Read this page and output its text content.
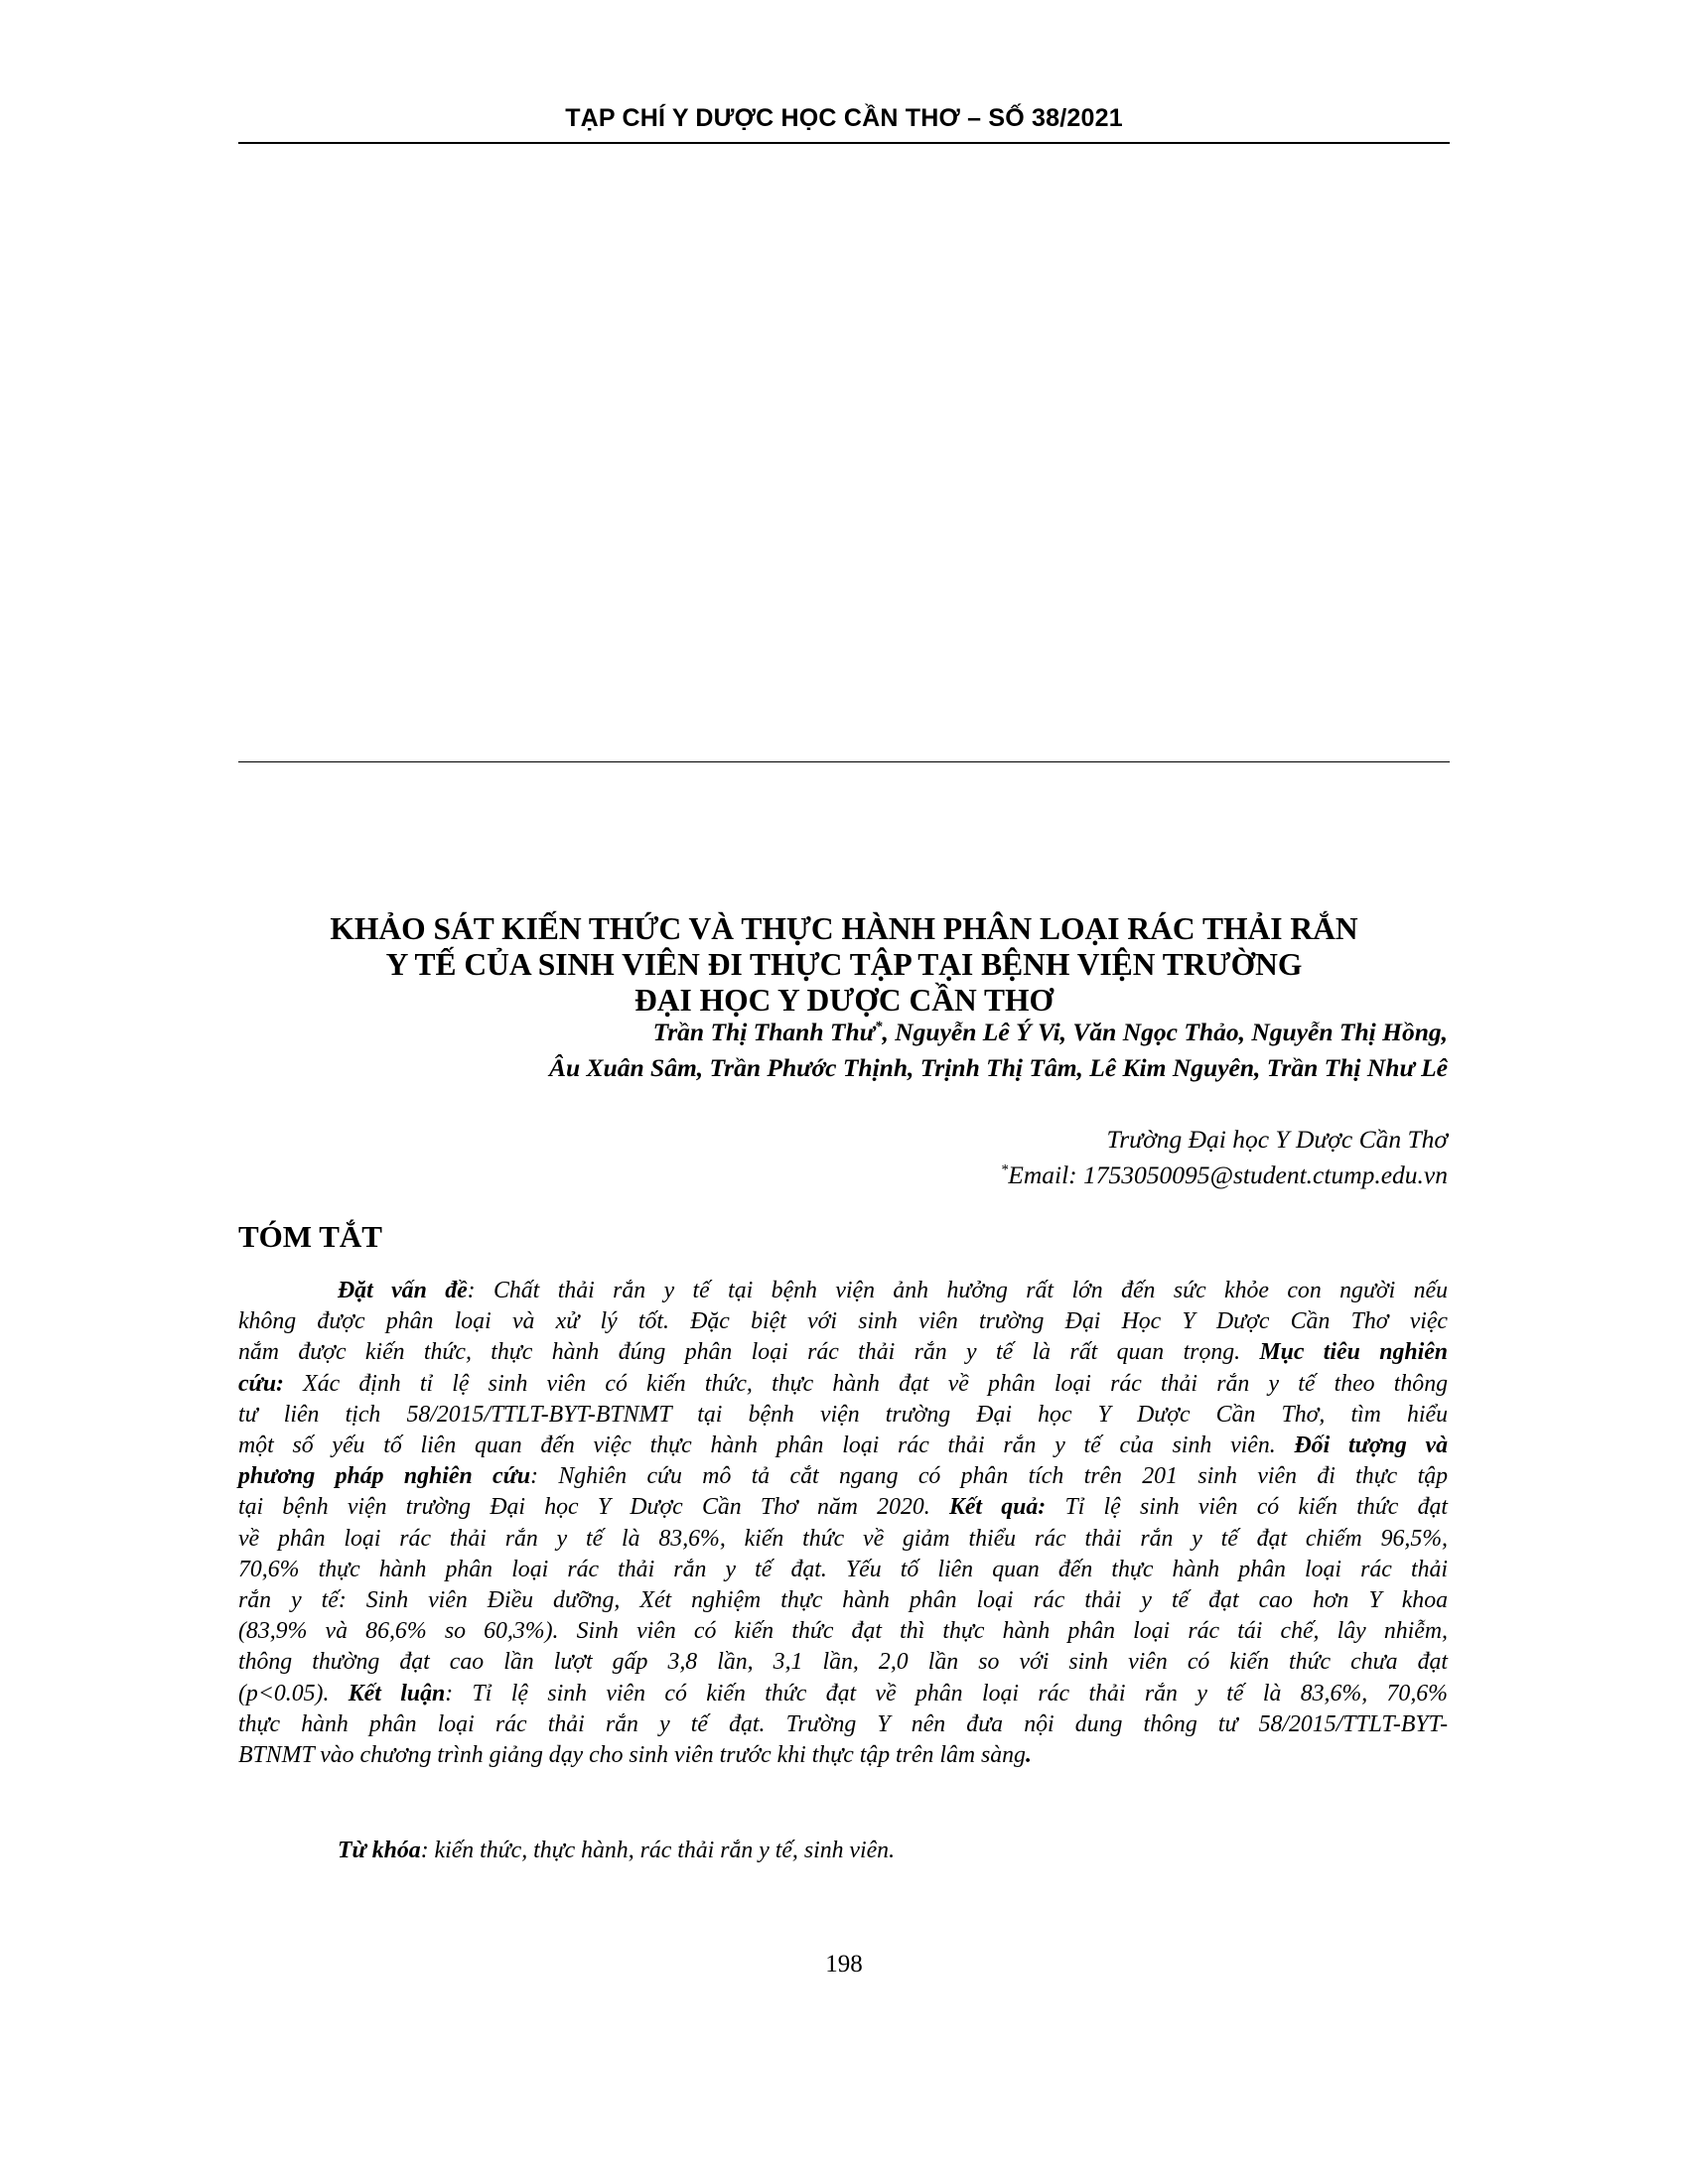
TẠP CHÍ Y DƯỢC HỌC CẦN THƠ – SỐ 38/2021
KHẢO SÁT KIẾN THỨC VÀ THỰC HÀNH PHÂN LOẠI RÁC THẢI RẮN
Y TẾ CỦA SINH VIÊN ĐI THỰC TẬP TẠI BỆNH VIỆN TRƯỜNG
ĐẠI HỌC Y DƯỢC CẦN THƠ
Trần Thị Thanh Thư*, Nguyễn Lê Ý Vi, Văn Ngọc Thảo, Nguyễn Thị Hồng,
Âu Xuân Sâm, Trần Phước Thịnh, Trịnh Thị Tâm, Lê Kim Nguyên, Trần Thị Như Lê
Trường Đại học Y Dược Cần Thơ
*Email: 1753050095@student.ctump.edu.vn
TÓM TẮT
Đặt vấn đề: Chất thải rắn y tế tại bệnh viện ảnh hưởng rất lớn đến sức khỏe con người nếu
không được phân loại và xử lý tốt. Đặc biệt với sinh viên trường Đại Học Y Dược Cần Thơ việc
nắm được kiến thức, thực hành đúng phân loại rác thải rắn y tế là rất quan trọng. Mục tiêu nghiên
cứu: Xác định tỉ lệ sinh viên có kiến thức, thực hành đạt về phân loại rác thải rắn y tế theo thông
tư liên tịch 58/2015/TTLT-BYT-BTNMT tại bệnh viện trường Đại học Y Dược Cần Thơ, tìm hiểu
một số yếu tố liên quan đến việc thực hành phân loại rác thải rắn y tế của sinh viên. Đối tượng và
phương pháp nghiên cứu: Nghiên cứu mô tả cắt ngang có phân tích trên 201 sinh viên đi thực tập
tại bệnh viện trường Đại học Y Dược Cần Thơ năm 2020. Kết quả: Tỉ lệ sinh viên có kiến thức đạt
về phân loại rác thải rắn y tế là 83,6%, kiến thức về giảm thiểu rác thải rắn y tế đạt chiếm 96,5%,
70,6% thực hành phân loại rác thải rắn y tế đạt. Yếu tố liên quan đến thực hành phân loại rác thải
rắn y tế: Sinh viên Điều dưỡng, Xét nghiệm thực hành phân loại rác thải y tế đạt cao hơn Y khoa
(83,9% và 86,6% so 60,3%). Sinh viên có kiến thức đạt thì thực hành phân loại rác tái chế, lây nhiễm,
thông thường đạt cao lần lượt gấp 3,8 lần, 3,1 lần, 2,0 lần so với sinh viên có kiến thức chưa đạt
(p<0.05). Kết luận: Tỉ lệ sinh viên có kiến thức đạt về phân loại rác thải rắn y tế là 83,6%, 70,6%
thực hành phân loại rác thải rắn y tế đạt. Trường Y nên đưa nội dung thông tư 58/2015/TTLT-BYT-
BTNMT vào chương trình giảng dạy cho sinh viên trước khi thực tập trên lâm sàng.
Từ khóa: kiến thức, thực hành, rác thải rắn y tế, sinh viên.
198
